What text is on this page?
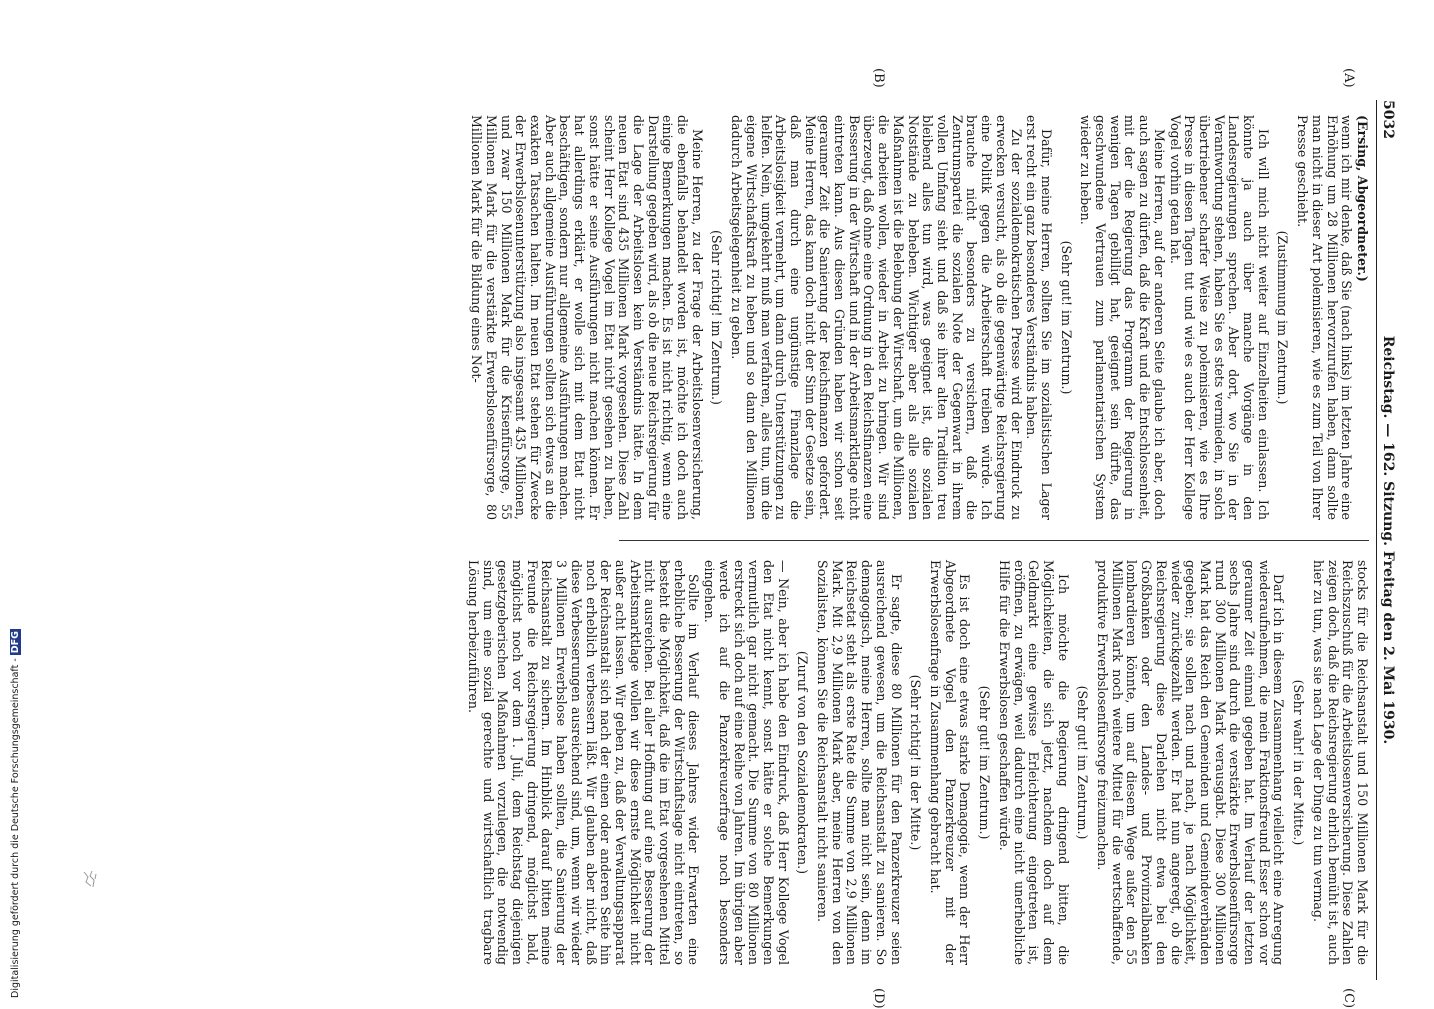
5032
Reichstag. — 162. Sitzung. Freitag den 2. Mai 1930.
(A)
(B)
(C)
(D)

(Ersing, Abgeordneter.)

wenn ich mir denke, daß Sie (nach links) im letzten Jahre eine Erhöhung um 28 Millionen hervorzurufen haben, dann sollte man nicht in dieser Art polemisieren, wie es zum Teil von Ihrer Presse geschieht.

(Zustimmung im Zentrum.)

Ich will mich nicht weiter auf Einzelheiten einlassen. Ich könnte ja auch über manche Vorgänge in den Landesregierungen sprechen. Aber dort, wo Sie in der Verantwortung stehen, haben Sie es stets vermieden, in solch übertriebener scharfer Weise zu polemisieren, wie es Ihre Presse in diesen Tagen tut und wie es auch der Herr Kollege Vogel vorhin getan hat.

Meine Herren, auf der anderen Seite glaube ich aber, doch auch sagen zu dürfen, daß die Kraft und die Entschlossenheit, mit der die Regierung das Programm der Regierung in wenigen Tagen gebilligt hat, geeignet sein dürfte, das geschwundene Vertrauen zum parlamentarischen System wieder zu heben.

(Sehr gut! im Zentrum.)

Dafür, meine Herren, sollten Sie im sozialistischen Lager erst recht ein ganz besonderes Verständnis haben.

Zu der sozialdemokratischen Presse wird der Eindruck zu erwecken versucht, als ob die gegenwärtige Reichsregierung eine Politik gegen die Arbeiterschaft treiben würde. Ich brauche nicht besonders zu versichern, daß die Zentrumspartei die sozialen Note der Gegenwart in ihrem vollen Umfang sieht und daß sie ihrer alten Tradition treu bleibend alles tun wird, was geeignet ist, die sozialen Notstände zu beheben. Wichtiger aber als alle sozialen Maßnahmen ist die Belebung der Wirtschaft, um die Millionen, die arbeiten wollen, wieder in Arbeit zu bringen. Wir sind überzeugt, daß ohne eine Ordnung in den Reichsfinanzen eine Besserung in der Wirtschaft und in der Arbeitsmarktlage nicht eintreten kann. Aus diesen Gründen haben wir schon seit geraumer Zeit die Sanierung der Reichsfinanzen gefordert. Meine Herren, das kann doch nicht der Sinn der Gesetze sein, daß man durch eine ungünstige Finanzlage die Arbeitslosigkeit vermehrt, um dann durch Unterstützungen zu helfen. Nein, umgekehrt muß man verfahren, alles tun, um die eigene Wirtschaftskraft zu heben und so dann den Millionen dadurch Arbeitsgelegenheit zu geben.

(Sehr richtig! im Zentrum.)

Meine Herren, zu der Frage der Arbeitslosenversicherung, die ebenfalls behandelt worden ist, möchte ich doch auch einige Bemerkungen machen. Es ist nicht richtig, wenn eine Darstellung gegeben wird, als ob die neue Reichsregierung für die Lage der Arbeitslosen kein Verständnis hätte. In dem neuen Etat sind 435 Millionen Mark vorgesehen. Diese Zahl scheint Herr Kollege Vogel im Etat nicht gesehen zu haben, sonst hätte er seine Ausführungen nicht machen können. Er hat allerdings erklärt, er wolle sich mit dem Etat nicht beschäftigen, sondern nur allgemeine Ausführungen machen. Aber auch allgemeine Ausführungen sollten sich etwas an die exakten Tatsachen halten. Im neuen Etat stehen für Zwecke der Erwerbslosenunterstützung also insgesamt 435 Millionen, und zwar 150 Millionen Mark für die Krisenfürsorge, 55 Millionen Mark für die verstärkte Erwerbslosenfürsorge, 80 Millionen Mark für die Bildung eines Not-

stocks für die Reichsanstalt und 150 Millionen Mark für die Reichszuschuß für die Arbeitslosenversicherung. Diese Zahlen zeigen doch, daß die Reichsregierung ehrlich bemüht ist, auch hier zu tun, was sie nach Lage der Dinge zu tun vermag.

(Sehr wahr! in der Mitte.)

Darf ich in diesem Zusammenhang vielleicht eine Anregung wiederaufnehmen, die mein Fraktionsfreund Esser schon vor geraumer Zeit einmal gegeben hat. Im Verlauf der letzten sechs Jahre sind durch die verstärkte Erwerbslosenfürsorge rund 300 Millionen Mark verausgabt. Diese 300 Millionen Mark hat das Reich den Gemeinden und Gemeindeverbänden gegeben; sie sollen nach und nach, je nach Möglichkeit, wieder zurückgezahlt werden. Er hat nun angeregt, ob die Reichsregierung diese Darlehen nicht etwa bei den Großbanken oder den Landes- und Provinzialbanken lombardieren könnte, um auf diesem Wege außer den 55 Millionen Mark noch weitere Mittel für die wertschaffende, produktive Erwerbslosenfürsorge freizumachen.

(Sehr gut! im Zentrum.)

Ich möchte die Regierung dringend bitten, die Möglichkeiten, die sich jetzt, nachdem doch auf dem Geldmarkt eine gewisse Erleichterung eingetreten ist, eröffnen, zu erwägen, weil dadurch eine nicht unerhebliche Hilfe für die Erwerbslosen geschaffen würde.

(Sehr gut! im Zentrum.)

Es ist doch eine etwas starke Demagogie, wenn der Herr Abgeordnete Vogel den Panzerkreuzer mit der Erwerbslosenfrage in Zusammenhang gebracht hat.

(Sehr richtig! in der Mitte.)

Er sagte, diese 80 Millionen für den Panzerkreuzer seien ausreichend gewesen, um die Reichsanstalt zu sanieren. So demagogisch, meine Herren, sollte man nicht sein, denn im Reichsetat steht als erste Rate die Summe von 2,9 Millionen Mark. Mit 2,9 Millionen Mark aber, meine Herren von den Sozialisten, können Sie die Reichsanstalt nicht sanieren.

(Zuruf von den Sozialdemokraten.)

— Nein, aber ich habe den Eindruck, daß Herr Kollege Vogel den Etat nicht kennt, sonst hätte er solche Bemerkungen vermutlich gar nicht gemacht. Die Summe von 80 Millionen erstreckt sich doch auf eine Reihe von Jahren. Im übrigen aber werde ich auf die Panzerkreuzerfrage noch besonders eingehen.

Sollte im Verlauf dieses Jahres wider Erwarten eine erhebliche Besserung der Wirtschaftslage nicht eintreten, so besteht die Möglichkeit, daß die im Etat vorgesehenen Mittel nicht ausreichen. Bei aller Hoffnung auf eine Besserung der Arbeitsmarktlage wollen wir diese ernste Möglichkeit nicht außer acht lassen. Wir geben zu, daß der Verwaltungsapparat der Reichsanstalt sich nach der einen oder anderen Seite hin noch erheblich verbessern läßt. Wir glauben aber nicht, daß diese Verbesserungen ausreichend sind, um, wenn wir wieder 3 Millionen Erwerbslose haben sollten, die Sanierung der Reichsanstalt zu sichern. Im Hinblick darauf bitten meine Freunde die Reichsregierung dringend, möglichst bald, möglichst noch vor dem 1. Juli, dem Reichstag diejenigen gesetzgeberischen Maßnahmen vorzulegen, die notwendig sind, um eine sozial gerechte und wirtschaftlich tragbare Lösung herbeizuführen.

Digitalisierung gefördert durch die Deutsche Forschungsgemeinschaft -DFG
